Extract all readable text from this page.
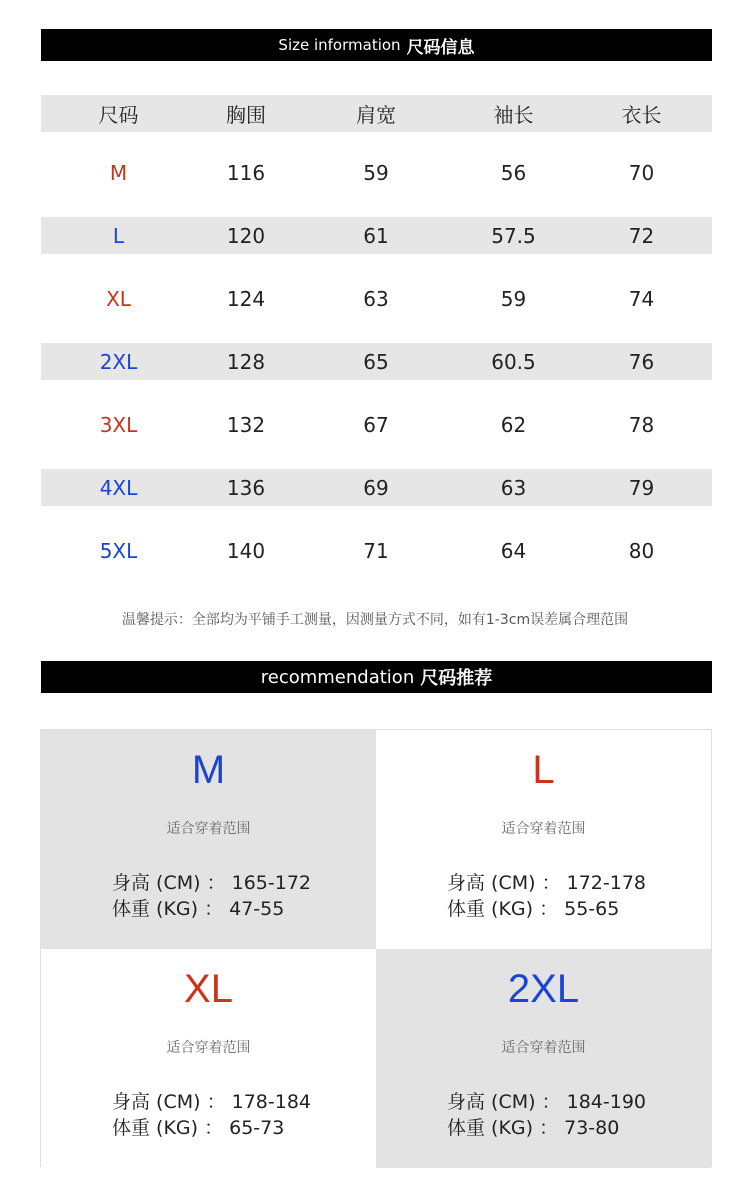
Size information 尺码信息
尺码	胸围	肩宽	袖长	衣长
M	116	59	56	70
L	120	61	57.5	72
XL	124	63	59	74
2XL	128	65	60.5	76
3XL	132	67	62	78
4XL	136	69	63	79
5XL	140	71	64	80
温馨提示：全部均为平铺手工测量，因测量方式不同，如有1-3cm误差属合理范围
recommendation 尺码推荐
M
适合穿着范围
身高 (CM) ： 165-172
体重 (KG) ： 47-55
L
适合穿着范围
身高 (CM) ： 172-178
体重 (KG) ： 55-65
XL
适合穿着范围
身高 (CM) ： 178-184
体重 (KG) ： 65-73
2XL
适合穿着范围
身高 (CM) ： 184-190
体重 (KG) ： 73-80
